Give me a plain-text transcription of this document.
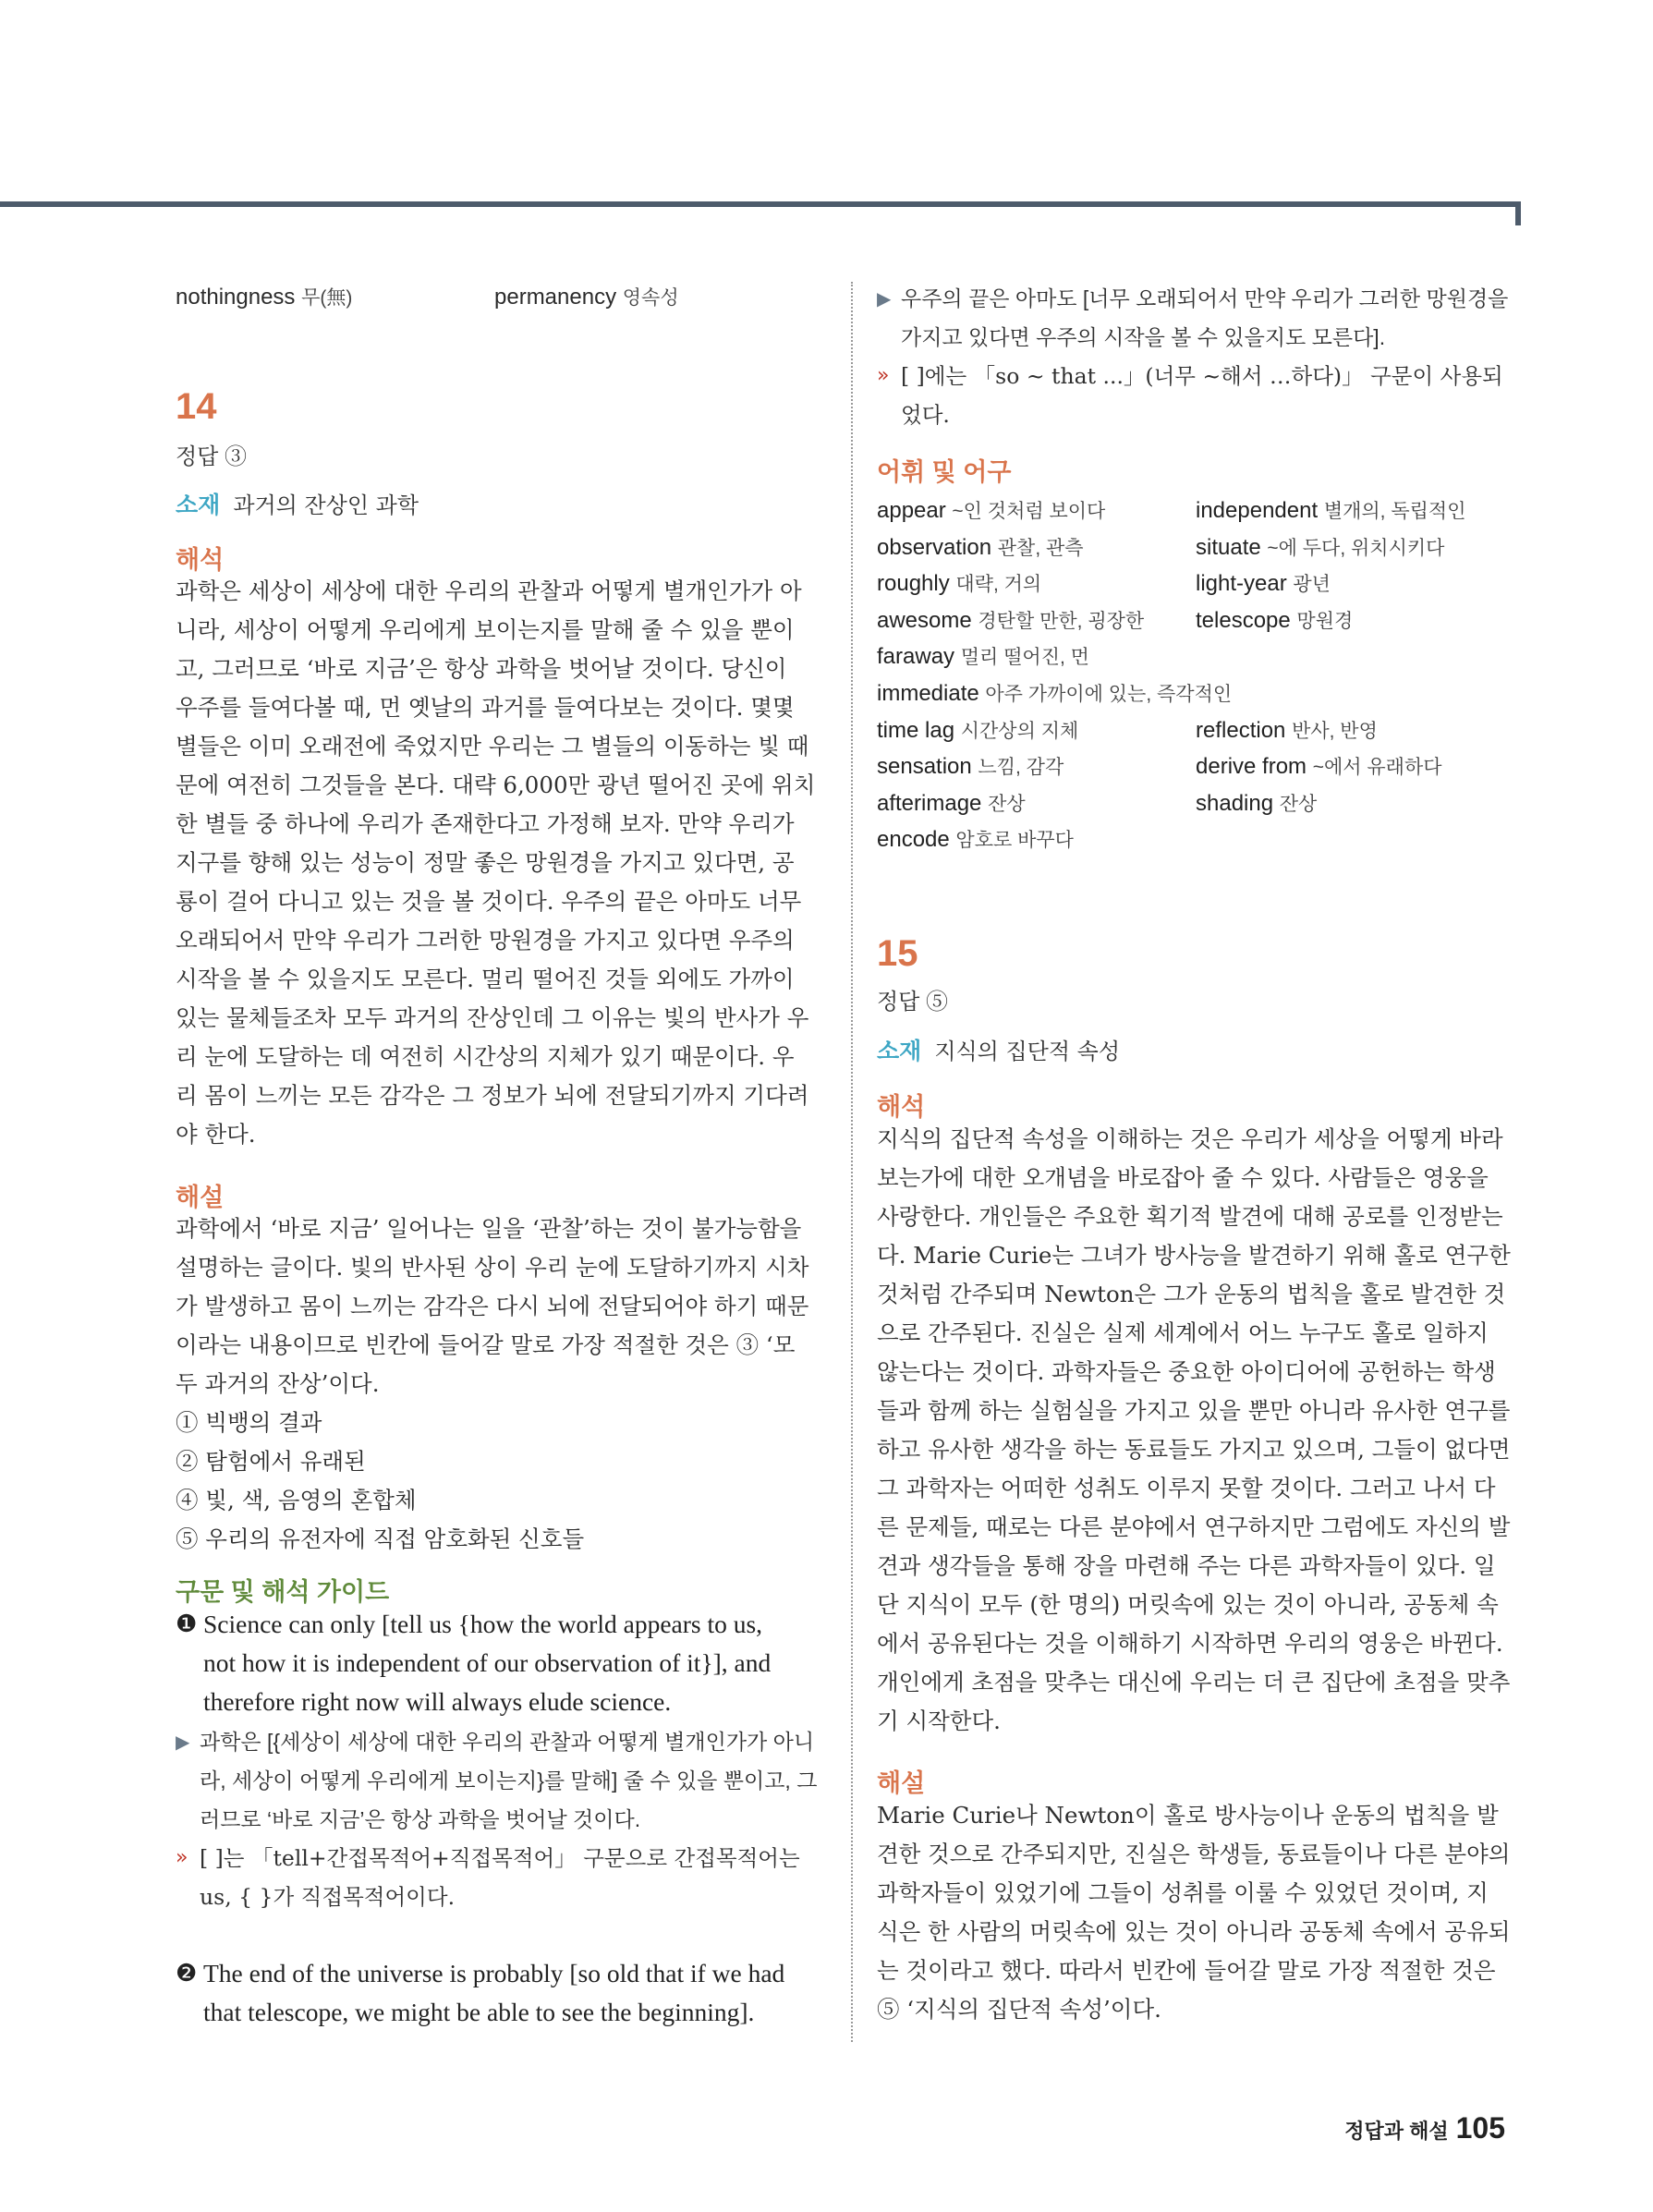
nothingness 무(無)	permanency 영속성
14
정답 ③
소재 과거의 잔상인 과학
해석
과학은 세상이 세상에 대한 우리의 관찰과 어떻게 별개인가가 아
니라, 세상이 어떻게 우리에게 보이는지를 말해 줄 수 있을 뿐이
고, 그러므로 ‘바로 지금’은 항상 과학을 벗어날 것이다. 당신이
우주를 들여다볼 때, 먼 옛날의 과거를 들여다보는 것이다. 몇몇
별들은 이미 오래전에 죽었지만 우리는 그 별들의 이동하는 빛 때
문에 여전히 그것들을 본다. 대략 6,000만 광년 떨어진 곳에 위치
한 별들 중 하나에 우리가 존재한다고 가정해 보자. 만약 우리가
지구를 향해 있는 성능이 정말 좋은 망원경을 가지고 있다면, 공
룡이 걸어 다니고 있는 것을 볼 것이다. 우주의 끝은 아마도 너무
오래되어서 만약 우리가 그러한 망원경을 가지고 있다면 우주의
시작을 볼 수 있을지도 모른다. 멀리 떨어진 것들 외에도 가까이
있는 물체들조차 모두 과거의 잔상인데 그 이유는 빛의 반사가 우
리 눈에 도달하는 데 여전히 시간상의 지체가 있기 때문이다. 우
리 몸이 느끼는 모든 감각은 그 정보가 뇌에 전달되기까지 기다려
야 한다.
해설
과학에서 ‘바로 지금’ 일어나는 일을 ‘관찰’하는 것이 불가능함을
설명하는 글이다. 빛의 반사된 상이 우리 눈에 도달하기까지 시차
가 발생하고 몸이 느끼는 감각은 다시 뇌에 전달되어야 하기 때문
이라는 내용이므로 빈칸에 들어갈 말로 가장 적절한 것은 ③ ‘모
두 과거의 잔상’이다.
① 빅뱅의 결과
② 탐험에서 유래된
④ 빛, 색, 음영의 혼합체
⑤ 우리의 유전자에 직접 암호화된 신호들
구문 및 해석 가이드
❶ Science can only [tell us {how the world appears to us,
not how it is independent of our observation of it}], and
therefore right now will always elude science.
▶ 과학은 [{세상이 세상에 대한 우리의 관찰과 어떻게 별개인가가 아니
라, 세상이 어떻게 우리에게 보이는지}를 말해] 줄 수 있을 뿐이고, 그
러므로 ‘바로 지금’은 항상 과학을 벗어날 것이다.
» [ ]는 「tell+간접목적어+직접목적어」 구문으로 간접목적어는
us, { }가 직접목적어이다.
❷ The end of the universe is probably [so old that if we had
that telescope, we might be able to see the beginning].
▶ 우주의 끝은 아마도 [너무 오래되어서 만약 우리가 그러한 망원경을
가지고 있다면 우주의 시작을 볼 수 있을지도 모른다].
» [ ]에는 「so ~ that ...」(너무 ~해서 …하다)」 구문이 사용되
었다.
어휘 및 어구
appear ~인 것처럼 보이다	independent 별개의, 독립적인
observation 관찰, 관측	situate ~에 두다, 위치시키다
roughly 대략, 거의	light-year 광년
awesome 경탄할 만한, 굉장한	telescope 망원경
faraway 멀리 떨어진, 먼
immediate 아주 가까이에 있는, 즉각적인
time lag 시간상의 지체	reflection 반사, 반영
sensation 느낌, 감각	derive from ~에서 유래하다
afterimage 잔상	shading 잔상
encode 암호로 바꾸다
15
정답 ⑤
소재 지식의 집단적 속성
해석
지식의 집단적 속성을 이해하는 것은 우리가 세상을 어떻게 바라
보는가에 대한 오개념을 바로잡아 줄 수 있다. 사람들은 영웅을
사랑한다. 개인들은 주요한 획기적 발견에 대해 공로를 인정받는
다. Marie Curie는 그녀가 방사능을 발견하기 위해 홀로 연구한
것처럼 간주되며 Newton은 그가 운동의 법칙을 홀로 발견한 것
으로 간주된다. 진실은 실제 세계에서 어느 누구도 홀로 일하지
않는다는 것이다. 과학자들은 중요한 아이디어에 공헌하는 학생
들과 함께 하는 실험실을 가지고 있을 뿐만 아니라 유사한 연구를
하고 유사한 생각을 하는 동료들도 가지고 있으며, 그들이 없다면
그 과학자는 어떠한 성취도 이루지 못할 것이다. 그러고 나서 다
른 문제들, 때로는 다른 분야에서 연구하지만 그럼에도 자신의 발
견과 생각들을 통해 장을 마련해 주는 다른 과학자들이 있다. 일
단 지식이 모두 (한 명의) 머릿속에 있는 것이 아니라, 공동체 속
에서 공유된다는 것을 이해하기 시작하면 우리의 영웅은 바뀐다.
개인에게 초점을 맞추는 대신에 우리는 더 큰 집단에 초점을 맞추
기 시작한다.
해설
Marie Curie나 Newton이 홀로 방사능이나 운동의 법칙을 발
견한 것으로 간주되지만, 진실은 학생들, 동료들이나 다른 분야의
과학자들이 있었기에 그들이 성취를 이룰 수 있었던 것이며, 지
식은 한 사람의 머릿속에 있는 것이 아니라 공동체 속에서 공유되
는 것이라고 했다. 따라서 빈칸에 들어갈 말로 가장 적절한 것은
⑤ ‘지식의 집단적 속성’이다.
정답과 해설 105
